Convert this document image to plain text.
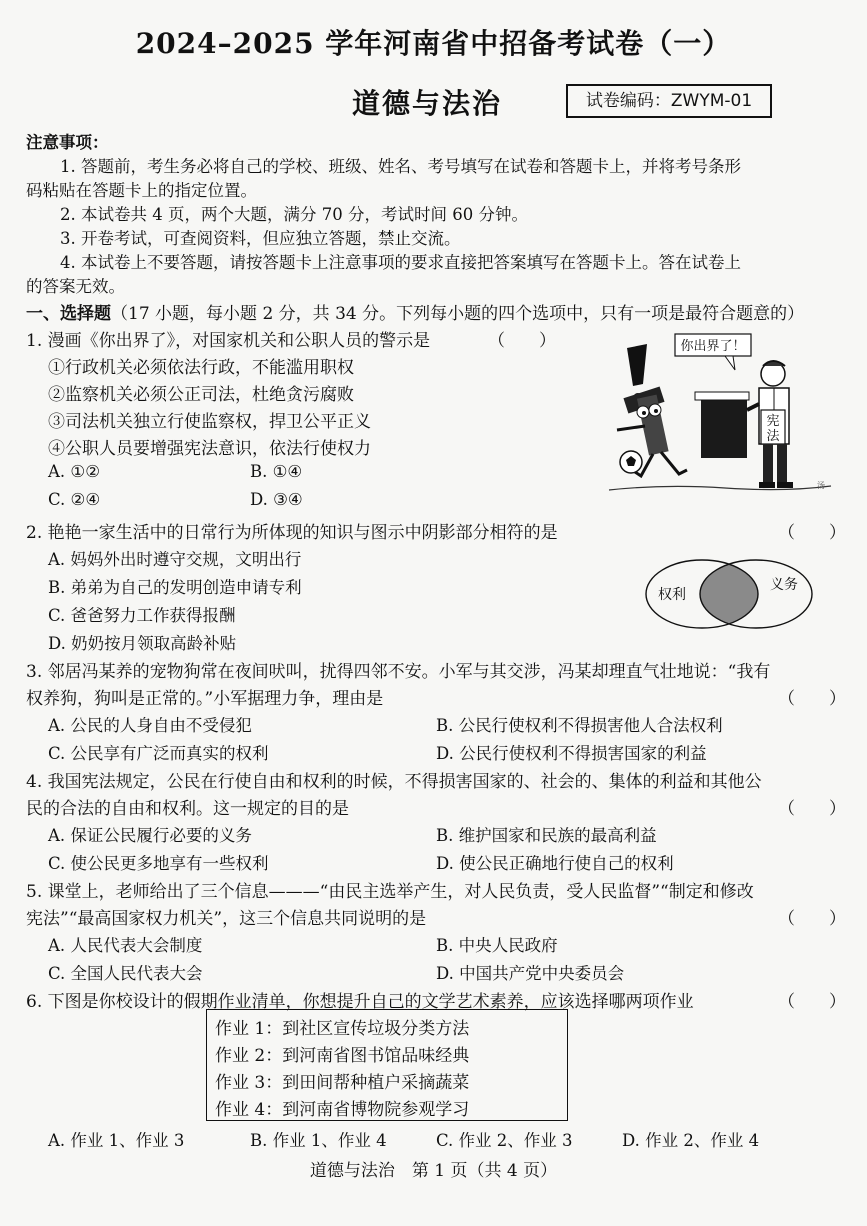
2024–2025 学年河南省中招备考试卷（一）
道德与法治	试卷编码：ZWYM-01
注意事项：
1. 答题前，考生务必将自己的学校、班级、姓名、考号填写在试卷和答题卡上，并将考号条形
码粘贴在答题卡上的指定位置。
2. 本试卷共 4 页，两个大题，满分 70 分，考试时间 60 分钟。
3. 开卷考试，可查阅资料，但应独立答题，禁止交流。
4. 本试卷上不要答题，请按答题卡上注意事项的要求直接把答案填写在答题卡上。答在试卷上
的答案无效。
一、选择题（17 小题，每小题 2 分，共 34 分。下列每小题的四个选项中，只有一项是最符合题意的）
1. 漫画《你出界了》，对国家机关和公职人员的警示是	（　　）
①行政机关必须依法行政，不能滥用职权
②监察机关必须公正司法，杜绝贪污腐败
③司法机关独立行使监察权，捍卫公平正义
④公职人员要增强宪法意识，依法行使权力
A. ①②	B. ①④
C. ②④	D. ③④
你出界了！
宪
法
汤
2. 艳艳一家生活中的日常行为所体现的知识与图示中阴影部分相符的是	（　　）
A. 妈妈外出时遵守交规，文明出行
B. 弟弟为自己的发明创造申请专利
C. 爸爸努力工作获得报酬
D. 奶奶按月领取高龄补贴
权利
义务
3. 邻居冯某养的宠物狗常在夜间吠叫，扰得四邻不安。小军与其交涉，冯某却理直气壮地说：“我有
权养狗，狗叫是正常的。”小军据理力争，理由是	（　　）
A. 公民的人身自由不受侵犯	B. 公民行使权利不得损害他人合法权利
C. 公民享有广泛而真实的权利	D. 公民行使权利不得损害国家的利益
4. 我国宪法规定，公民在行使自由和权利的时候，不得损害国家的、社会的、集体的利益和其他公
民的合法的自由和权利。这一规定的目的是	（　　）
A. 保证公民履行必要的义务	B. 维护国家和民族的最高利益
C. 使公民更多地享有一些权利	D. 使公民正确地行使自己的权利
5. 课堂上，老师给出了三个信息———“由民主选举产生，对人民负责，受人民监督”“制定和修改
宪法”“最高国家权力机关”，这三个信息共同说明的是	（　　）
A. 人民代表大会制度	B. 中央人民政府
C. 全国人民代表大会	D. 中国共产党中央委员会
6. 下图是你校设计的假期作业清单，你想提升自己的文学艺术素养，应该选择哪两项作业	（　　）
作业 1：到社区宣传垃圾分类方法
作业 2：到河南省图书馆品味经典
作业 3：到田间帮种植户采摘蔬菜
作业 4：到河南省博物院参观学习
A. 作业 1、作业 3	B. 作业 1、作业 4	C. 作业 2、作业 3	D. 作业 2、作业 4
道德与法治　第 1 页（共 4 页）
